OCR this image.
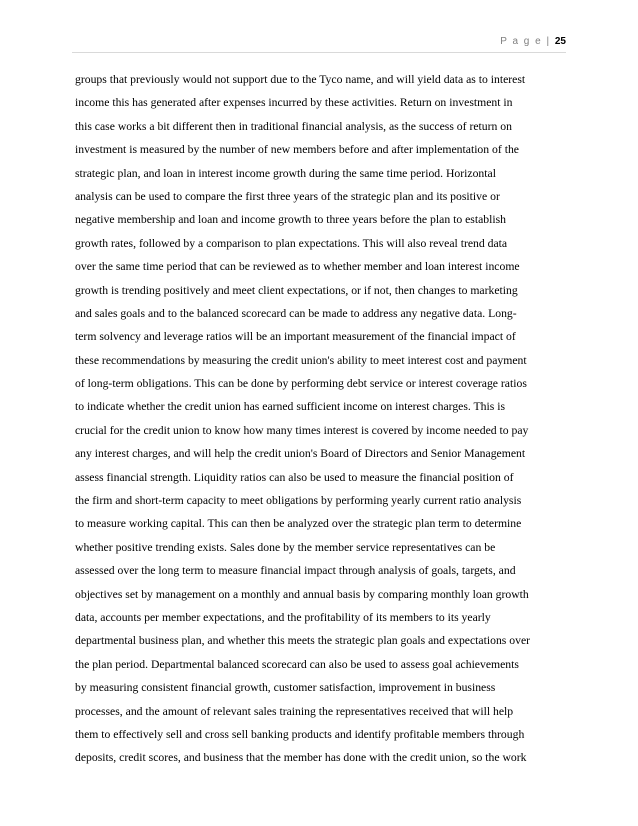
P a g e | 25
groups that previously would not support due to the Tyco name, and will yield data as to interest
income this has generated after expenses incurred by these activities. Return on investment in
this case works a bit different then in traditional financial analysis, as the success of return on
investment is measured by the number of new members before and after implementation of the
strategic plan, and loan in interest income growth during the same time period. Horizontal
analysis can be used to compare the first three years of the strategic plan and its positive or
negative membership and loan and income growth to three years before the plan to establish
growth rates, followed by a comparison to plan expectations. This will also reveal trend data
over the same time period that can be reviewed as to whether member and loan interest income
growth is trending positively and meet client expectations, or if not, then changes to marketing
and sales goals and to the balanced scorecard can be made to address any negative data. Long-
term solvency and leverage ratios will be an important measurement of the financial impact of
these recommendations by measuring the credit union's ability to meet interest cost and payment
of long-term obligations. This can be done by performing debt service or interest coverage ratios
to indicate whether the credit union has earned sufficient income on interest charges. This is
crucial for the credit union to know how many times interest is covered by income needed to pay
any interest charges, and will help the credit union's Board of Directors and Senior Management
assess financial strength. Liquidity ratios can also be used to measure the financial position of
the firm and short-term capacity to meet obligations by performing yearly current ratio analysis
to measure working capital. This can then be analyzed over the strategic plan term to determine
whether positive trending exists. Sales done by the member service representatives can be
assessed over the long term to measure financial impact through analysis of goals, targets, and
objectives set by management on a monthly and annual basis by comparing monthly loan growth
data, accounts per member expectations, and the profitability of its members to its yearly
departmental business plan, and whether this meets the strategic plan goals and expectations over
the plan period. Departmental balanced scorecard can also be used to assess goal achievements
by measuring consistent financial growth, customer satisfaction, improvement in business
processes, and the amount of relevant sales training the representatives received that will help
them to effectively sell and cross sell banking products and identify profitable members through
deposits, credit scores, and business that the member has done with the credit union, so the work
